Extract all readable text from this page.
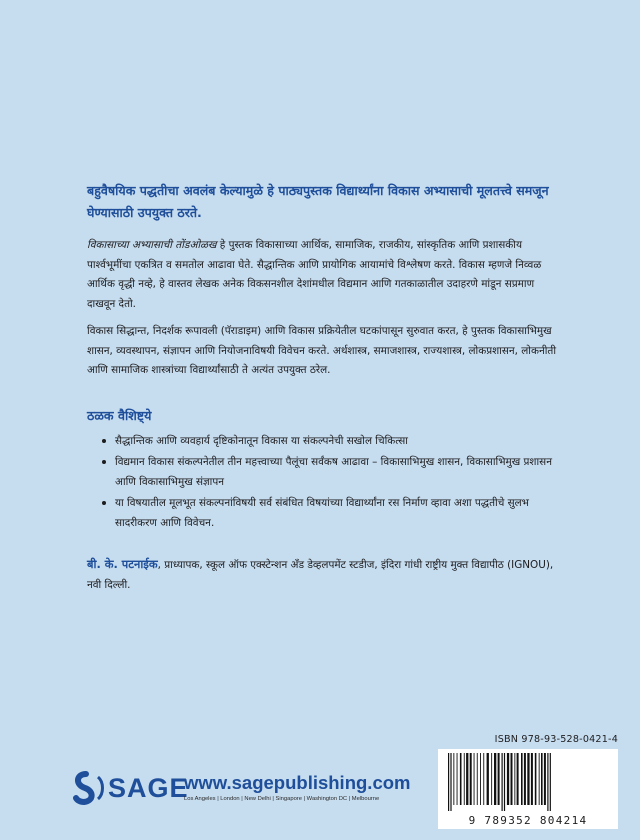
बहुवैषयिक पद्धतीचा अवलंब केल्यामुळे हे पाठ्यपुस्तक विद्यार्थ्यांना विकास अभ्यासाची मूलतत्त्वे समजून घेण्यासाठी उपयुक्त ठरते.

विकासाच्या अभ्यासाची तोंडओळख हे पुस्तक विकासाच्या आर्थिक, सामाजिक, राजकीय, सांस्कृतिक आणि प्रशासकीय पार्श्वभूमींचा एकत्रित व समतोल आढावा घेते. सैद्धान्तिक आणि प्रायोगिक आयामांचे विश्लेषण करते. विकास म्हणजे निव्वळ आर्थिक वृद्धी नव्हे, हे वास्तव लेखक अनेक विकसनशील देशांमधील विद्यमान आणि गतकाळातील उदाहरणे मांडून सप्रमाण दाखवून देतो.

विकास सिद्धान्त, निदर्शक रूपावली (पॅराडाइम) आणि विकास प्रक्रियेतील घटकांपासून सुरुवात करत, हे पुस्तक विकासाभिमुख शासन, व्यवस्थापन, संज्ञापन आणि नियोजनाविषयी विवेचन करते. अर्थशास्त्र, समाजशास्त्र, राज्यशास्त्र, लोकप्रशासन, लोकनीती आणि सामाजिक शास्त्रांच्या विद्यार्थ्यांसाठी ते अत्यंत उपयुक्त ठरेल.

ठळक वैशिष्ट्ये
सैद्धान्तिक आणि व्यवहार्य दृष्टिकोनातून विकास या संकल्पनेची सखोल चिकित्सा
विद्यमान विकास संकल्पनेतील तीन महत्त्वाच्या पैलूंचा सर्वंकष आढावा – विकासाभिमुख शासन, विकासाभिमुख प्रशासन आणि विकासाभिमुख संज्ञापन
या विषयातील मूलभूत संकल्पनांविषयी सर्व संबंधित विषयांच्या विद्यार्थ्यांना रस निर्माण व्हावा अशा पद्धतीचे सुलभ सादरीकरण आणि विवेचन.
बी. के. पटनाईक, प्राध्यापक, स्कूल ऑफ एक्स्टेन्शन अँड डेव्हलपमेंट स्टडीज, इंदिरा गांधी राष्ट्रीय मुक्त विद्यापीठ (IGNOU), नवी दिल्ली.
ISBN 978-93-528-0421-4
9 789352 804214
SAGE
www.sagepublishing.com
Los Angeles | London | New Delhi | Singapore | Washington DC | Melbourne
